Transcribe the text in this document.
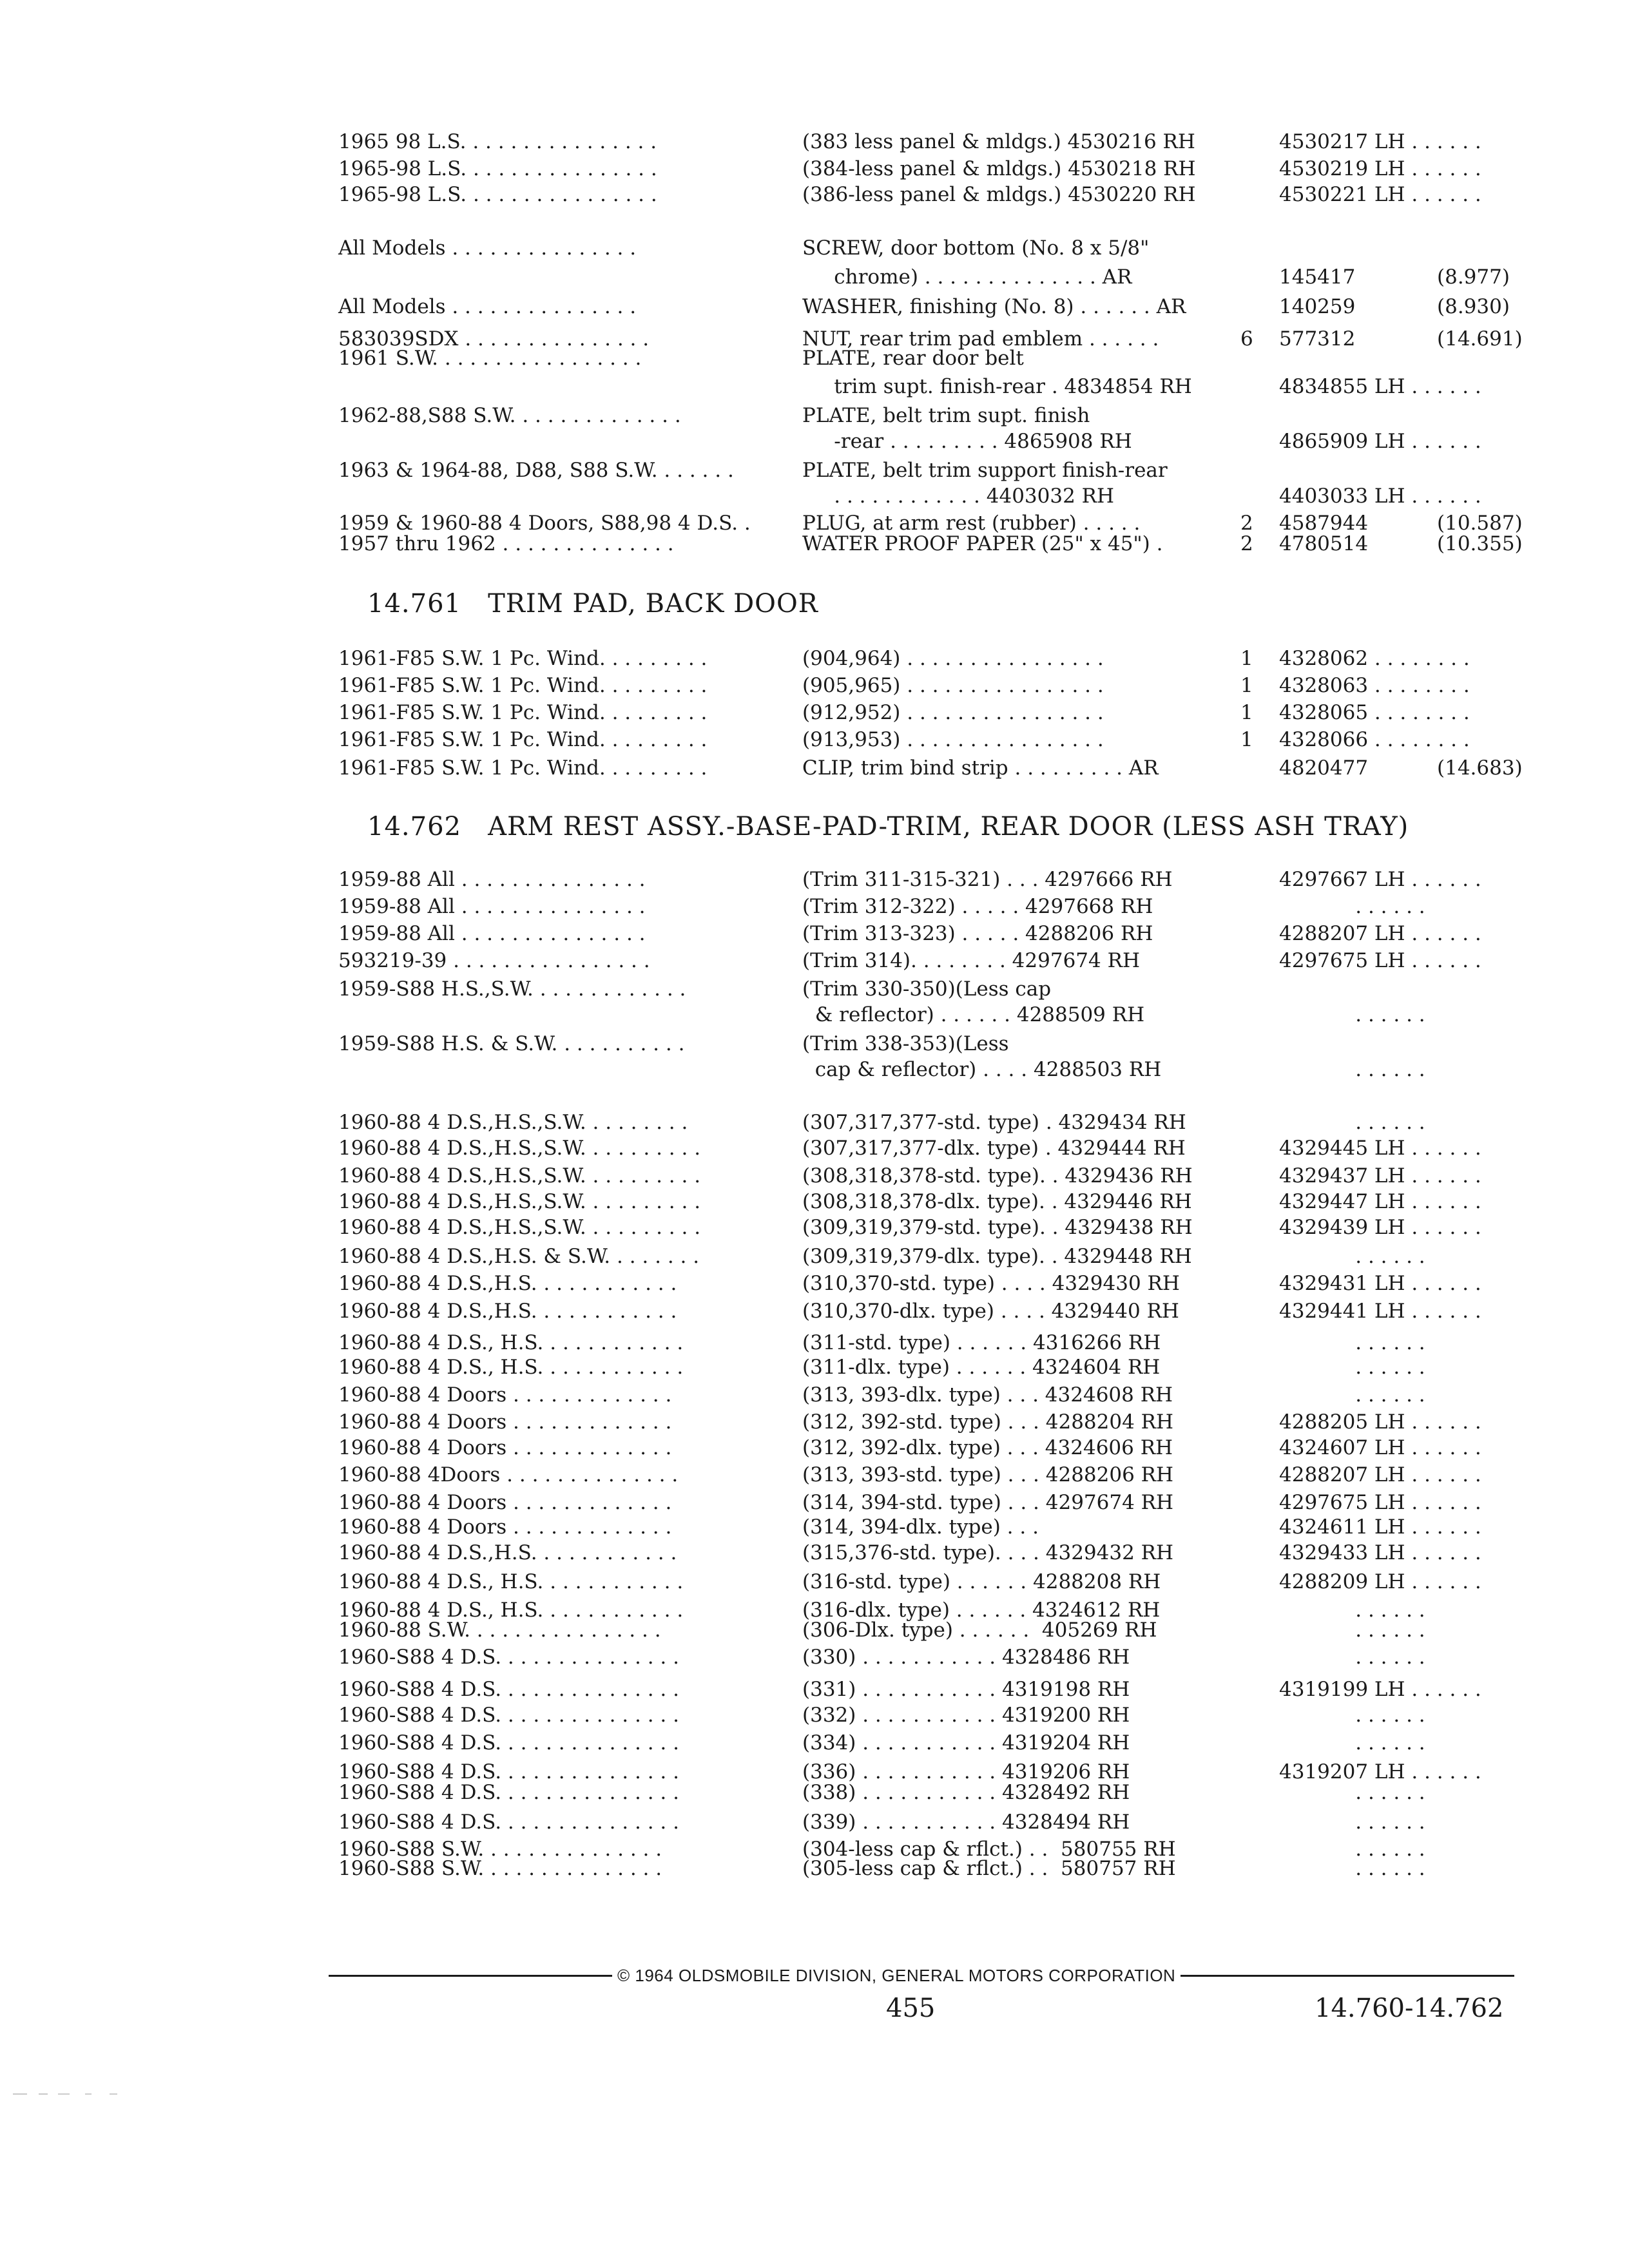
1965 98 L.S. . . . . . . . . . . . . . . .	(383 less panel & mldgs.) 4530216 RH	4530217 LH . . . . . .
1965-98 L.S. . . . . . . . . . . . . . . .	(384-less panel & mldgs.) 4530218 RH	4530219 LH . . . . . .
1965-98 L.S. . . . . . . . . . . . . . . .	(386-less panel & mldgs.) 4530220 RH	4530221 LH . . . . . .
All Models . . . . . . . . . . . . . . .	SCREW, door bottom (No. 8 x 5/8"
chrome) . . . . . . . . . . . . . . AR	145417	(8.977)
All Models . . . . . . . . . . . . . . .	WASHER, finishing (No. 8) . . . . . . AR	140259	(8.930)
583039SDX . . . . . . . . . . . . . . .	NUT, rear trim pad emblem . . . . . .	6 577312	(14.691)
1961 S.W. . . . . . . . . . . . . . . . .	PLATE, rear door belt
trim supt. finish-rear . 4834854 RH	4834855 LH . . . . . .
1962-88,S88 S.W. . . . . . . . . . . . . .	PLATE, belt trim supt. finish
-rear . . . . . . . . . 4865908 RH	4865909 LH . . . . . .
1963 & 1964-88, D88, S88 S.W. . . . . . .	PLATE, belt trim support finish-rear
. . . . . . . . . . . . 4403032 RH	4403033 LH . . . . . .
1959 & 1960-88 4 Doors, S88,98 4 D.S. .	PLUG, at arm rest (rubber) . . . . .	2 4587944	(10.587)
1957 thru 1962 . . . . . . . . . . . . . .	WATER PROOF PAPER (25" x 45") .	2 4780514	(10.355)
14.761 TRIM PAD, BACK DOOR
1961-F85 S.W. 1 Pc. Wind. . . . . . . . .	(904,964) . . . . . . . . . . . . . . . .	1 4328062 . . . . . . . .
1961-F85 S.W. 1 Pc. Wind. . . . . . . . .	(905,965) . . . . . . . . . . . . . . . .	1 4328063 . . . . . . . .
1961-F85 S.W. 1 Pc. Wind. . . . . . . . .	(912,952) . . . . . . . . . . . . . . . .	1 4328065 . . . . . . . .
1961-F85 S.W. 1 Pc. Wind. . . . . . . . .	(913,953) . . . . . . . . . . . . . . . .	1 4328066 . . . . . . . .
1961-F85 S.W. 1 Pc. Wind. . . . . . . . .	CLIP, trim bind strip . . . . . . . . . AR	4820477	(14.683)
14.762 ARM REST ASSY.-BASE-PAD-TRIM, REAR DOOR (LESS ASH TRAY)
1959-88 All . . . . . . . . . . . . . . .	(Trim 311-315-321) . . . 4297666 RH	4297667 LH . . . . . .
1959-88 All . . . . . . . . . . . . . . .	(Trim 312-322) . . . . . 4297668 RH	. . . . . .
1959-88 All . . . . . . . . . . . . . . .	(Trim 313-323) . . . . . 4288206 RH	4288207 LH . . . . . .
593219-39 . . . . . . . . . . . . . . . .	(Trim 314). . . . . . . . 4297674 RH	4297675 LH . . . . . .
1959-S88 H.S.,S.W. . . . . . . . . . . . .	(Trim 330-350)(Less cap
& reflector) . . . . . . 4288509 RH	. . . . . .
1959-S88 H.S. & S.W. . . . . . . . . . .	(Trim 338-353)(Less
cap & reflector) . . . . 4288503 RH	. . . . . .
1960-88 4 D.S.,H.S.,S.W. . . . . . . . .	(307,317,377-std. type) . 4329434 RH	. . . . . .
1960-88 4 D.S.,H.S.,S.W. . . . . . . . . .	(307,317,377-dlx. type) . 4329444 RH	4329445 LH . . . . . .
1960-88 4 D.S.,H.S.,S.W. . . . . . . . . .	(308,318,378-std. type). . 4329436 RH	4329437 LH . . . . . .
1960-88 4 D.S.,H.S.,S.W. . . . . . . . . .	(308,318,378-dlx. type). . 4329446 RH	4329447 LH . . . . . .
1960-88 4 D.S.,H.S.,S.W. . . . . . . . . .	(309,319,379-std. type). . 4329438 RH	4329439 LH . . . . . .
1960-88 4 D.S.,H.S. & S.W. . . . . . . .	(309,319,379-dlx. type). . 4329448 RH	. . . . . .
1960-88 4 D.S.,H.S. . . . . . . . . . . .	(310,370-std. type) . . . . 4329430 RH	4329431 LH . . . . . .
1960-88 4 D.S.,H.S. . . . . . . . . . . .	(310,370-dlx. type) . . . . 4329440 RH	4329441 LH . . . . . .
1960-88 4 D.S., H.S. . . . . . . . . . . .	(311-std. type) . . . . . . 4316266 RH	. . . . . .
1960-88 4 D.S., H.S. . . . . . . . . . . .	(311-dlx. type) . . . . . . 4324604 RH	. . . . . .
1960-88 4 Doors . . . . . . . . . . . . .	(313, 393-dlx. type) . . . 4324608 RH	. . . . . .
1960-88 4 Doors . . . . . . . . . . . . .	(312, 392-std. type) . . . 4288204 RH	4288205 LH . . . . . .
1960-88 4 Doors . . . . . . . . . . . . .	(312, 392-dlx. type) . . . 4324606 RH	4324607 LH . . . . . .
1960-88 4Doors . . . . . . . . . . . . . .	(313, 393-std. type) . . . 4288206 RH	4288207 LH . . . . . .
1960-88 4 Doors . . . . . . . . . . . . .	(314, 394-std. type) . . . 4297674 RH	4297675 LH . . . . . .
1960-88 4 Doors . . . . . . . . . . . . .	(314, 394-dlx. type) . . .	4324611 LH . . . . . .
1960-88 4 D.S.,H.S. . . . . . . . . . . .	(315,376-std. type). . . . 4329432 RH	4329433 LH . . . . . .
1960-88 4 D.S., H.S. . . . . . . . . . . .	(316-std. type) . . . . . . 4288208 RH	4288209 LH . . . . . .
1960-88 4 D.S., H.S. . . . . . . . . . . .	(316-dlx. type) . . . . . . 4324612 RH	. . . . . .
1960-88 S.W. . . . . . . . . . . . . . . .	(306-Dlx. type) . . . . . .  405269 RH	. . . . . .
1960-S88 4 D.S. . . . . . . . . . . . . . .	(330) . . . . . . . . . . . 4328486 RH	. . . . . .
1960-S88 4 D.S. . . . . . . . . . . . . . .	(331) . . . . . . . . . . . 4319198 RH	4319199 LH . . . . . .
1960-S88 4 D.S. . . . . . . . . . . . . . .	(332) . . . . . . . . . . . 4319200 RH	. . . . . .
1960-S88 4 D.S. . . . . . . . . . . . . . .	(334) . . . . . . . . . . . 4319204 RH	. . . . . .
1960-S88 4 D.S. . . . . . . . . . . . . . .	(336) . . . . . . . . . . . 4319206 RH	4319207 LH . . . . . .
1960-S88 4 D.S. . . . . . . . . . . . . . .	(338) . . . . . . . . . . . 4328492 RH	. . . . . .
1960-S88 4 D.S. . . . . . . . . . . . . . .	(339) . . . . . . . . . . . 4328494 RH	. . . . . .
1960-S88 S.W. . . . . . . . . . . . . . .	(304-less cap & rflct.) . .  580755 RH	. . . . . .
1960-S88 S.W. . . . . . . . . . . . . . .	(305-less cap & rflct.) . .  580757 RH	. . . . . .
© 1964 OLDSMOBILE DIVISION, GENERAL MOTORS CORPORATION
455	14.760-14.762
